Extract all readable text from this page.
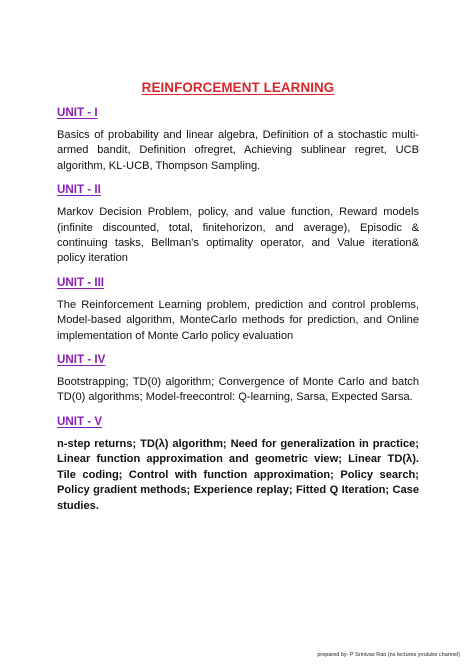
REINFORCEMENT LEARNING
UNIT - I
Basics of probability and linear algebra, Definition of a stochastic multi-armed bandit, Definition ofregret, Achieving sublinear regret, UCB algorithm, KL-UCB, Thompson Sampling.
UNIT - II
Markov Decision Problem, policy, and value function, Reward models (infinite discounted, total, finitehorizon, and average), Episodic & continuing tasks, Bellman's optimality operator, and Value iteration& policy iteration
UNIT - III
The Reinforcement Learning problem, prediction and control problems, Model-based algorithm, MonteCarlo methods for prediction, and Online implementation of Monte Carlo policy evaluation
UNIT - IV
Bootstrapping; TD(0) algorithm; Convergence of Monte Carlo and batch TD(0) algorithms; Model-freecontrol: Q-learning, Sarsa, Expected Sarsa.
UNIT - V
n-step returns; TD(λ) algorithm; Need for generalization in practice; Linear function approximation and geometric view; Linear TD(λ). Tile coding; Control with function approximation; Policy search; Policy gradient methods; Experience replay; Fitted Q Iteration; Case studies.
prepared by- P Srinivas Rao (ns lectures youtube channel)
